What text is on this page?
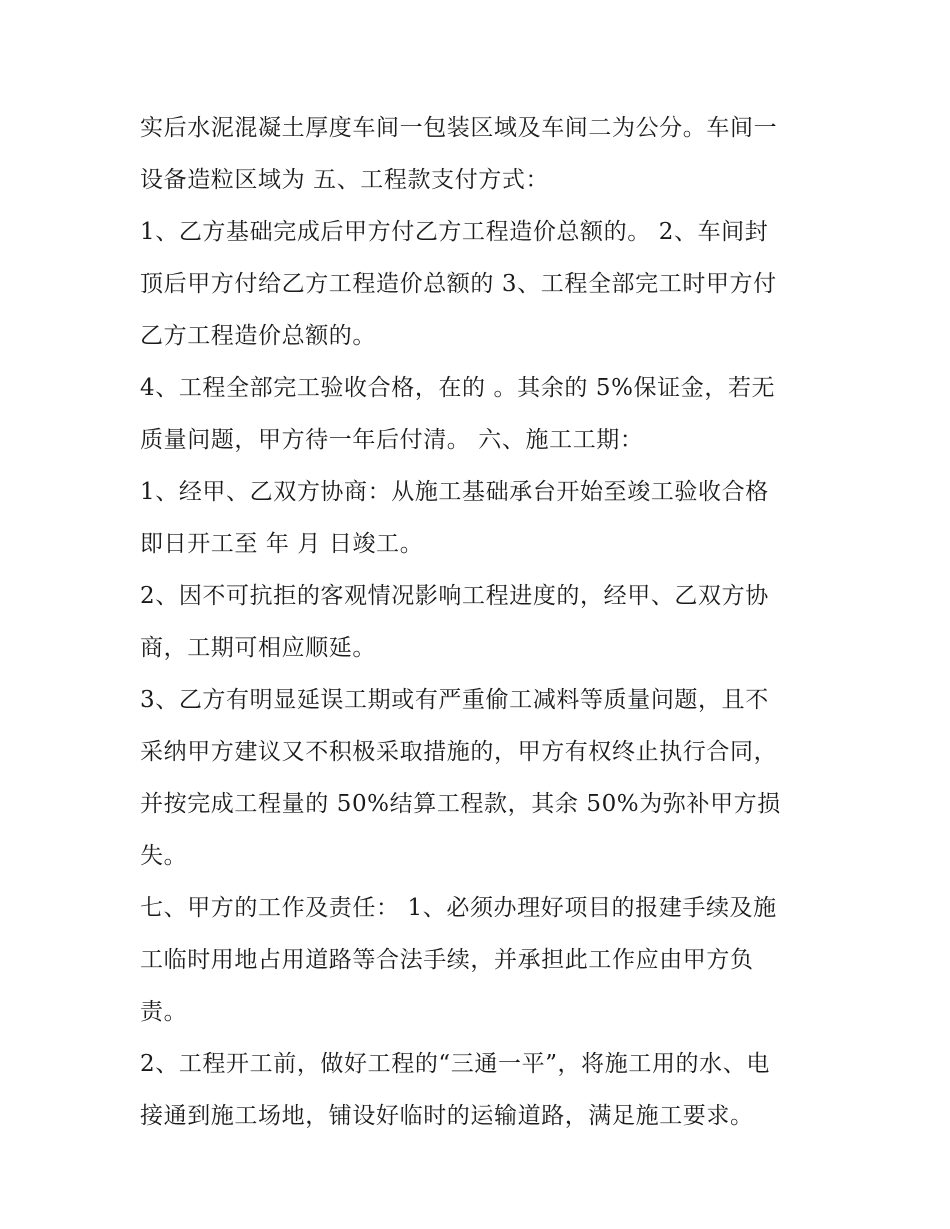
实后水泥混凝土厚度车间一包装区域及车间二为公分。车间一
设备造粒区域为 五、工程款支付方式：
1、乙方基础完成后甲方付乙方工程造价总额的。 2、车间封
顶后甲方付给乙方工程造价总额的 3、工程全部完工时甲方付
乙方工程造价总额的。
4、工程全部完工验收合格，在的 。其余的 5%保证金，若无
质量问题，甲方待一年后付清。 六、施工工期：
1、经甲、乙双方协商：从施工基础承台开始至竣工验收合格
即日开工至 年 月 日竣工。
2、因不可抗拒的客观情况影响工程进度的，经甲、乙双方协
商，工期可相应顺延。
3、乙方有明显延误工期或有严重偷工减料等质量问题，且不
采纳甲方建议又不积极采取措施的，甲方有权终止执行合同，
并按完成工程量的 50%结算工程款，其余 50%为弥补甲方损
失。
七、甲方的工作及责任： 1、必须办理好项目的报建手续及施
工临时用地占用道路等合法手续，并承担此工作应由甲方负
责。
2、工程开工前，做好工程的“三通一平”，将施工用的水、电
接通到施工场地，铺设好临时的运输道路，满足施工要求。
